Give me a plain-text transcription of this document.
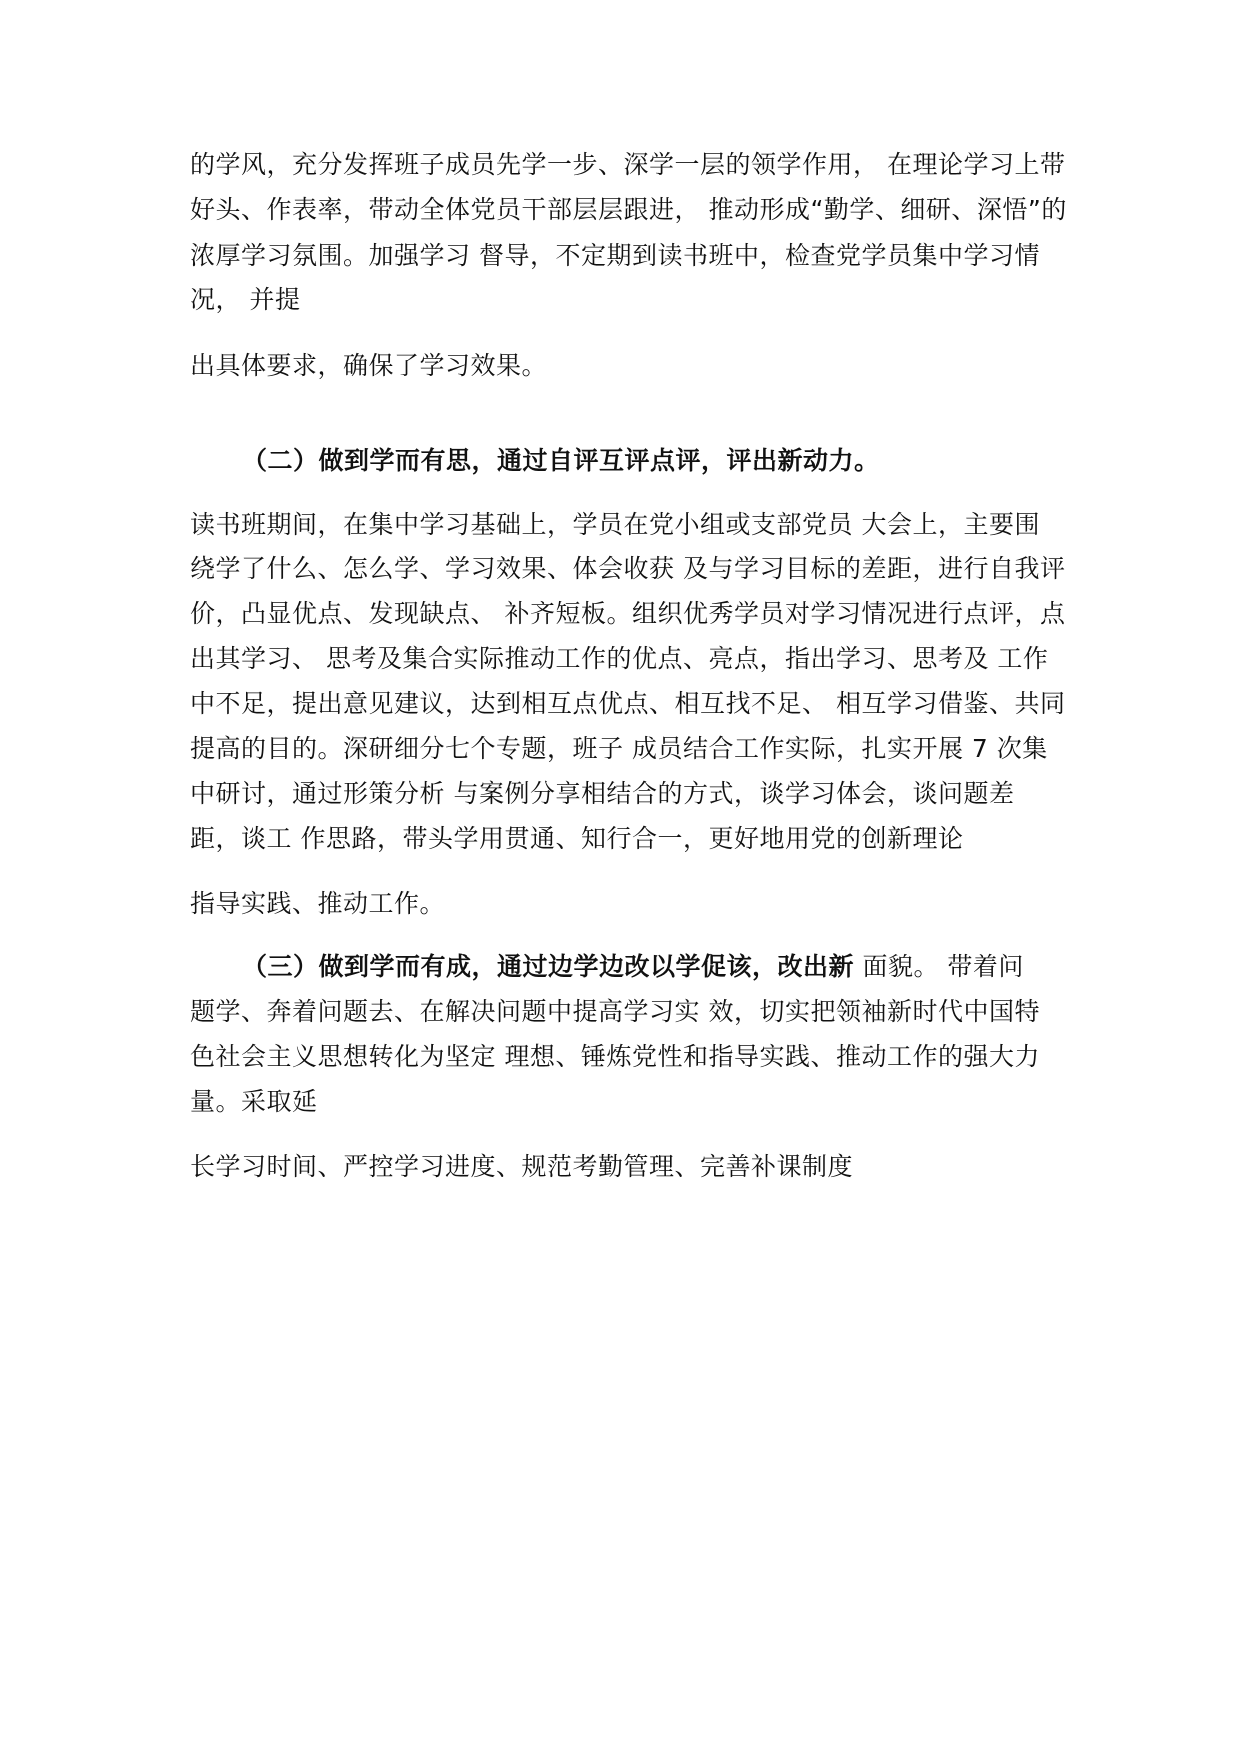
的学风，充分发挥班子成员先学一步、深学一层的领学作用， 在理论学习上带
好头、作表率，带动全体党员干部层层跟进， 推动形成“勤学、细研、深悟”的
浓厚学习氛围。加强学习 督导，不定期到读书班中，检查党学员集中学习情
况， 并提
出具体要求，确保了学习效果。
（二）做到学而有思，通过自评互评点评，评出新动力。
读书班期间，在集中学习基础上，学员在党小组或支部党员 大会上，主要围
绕学了什么、怎么学、学习效果、体会收获 及与学习目标的差距，进行自我评
价，凸显优点、发现缺点、 补齐短板。组织优秀学员对学习情况进行点评，点
出其学习、 思考及集合实际推动工作的优点、亮点，指出学习、思考及 工作
中不足，提出意见建议，达到相互点优点、相互找不足、 相互学习借鉴、共同
提高的目的。深研细分七个专题，班子 成员结合工作实际，扎实开展 7 次集
中研讨，通过形策分析 与案例分享相结合的方式，谈学习体会，谈问题差
距，谈工 作思路，带头学用贯通、知行合一，更好地用党的创新理论
指导实践、推动工作。
（三）做到学而有成，通过边学边改以学促该，改出新 面貌。 带着问
题学、奔着问题去、在解决问题中提高学习实 效，切实把领袖新时代中国特
色社会主义思想转化为坚定 理想、锤炼党性和指导实践、推动工作的强大力
量。采取延
长学习时间、严控学习进度、规范考勤管理、完善补课制度
